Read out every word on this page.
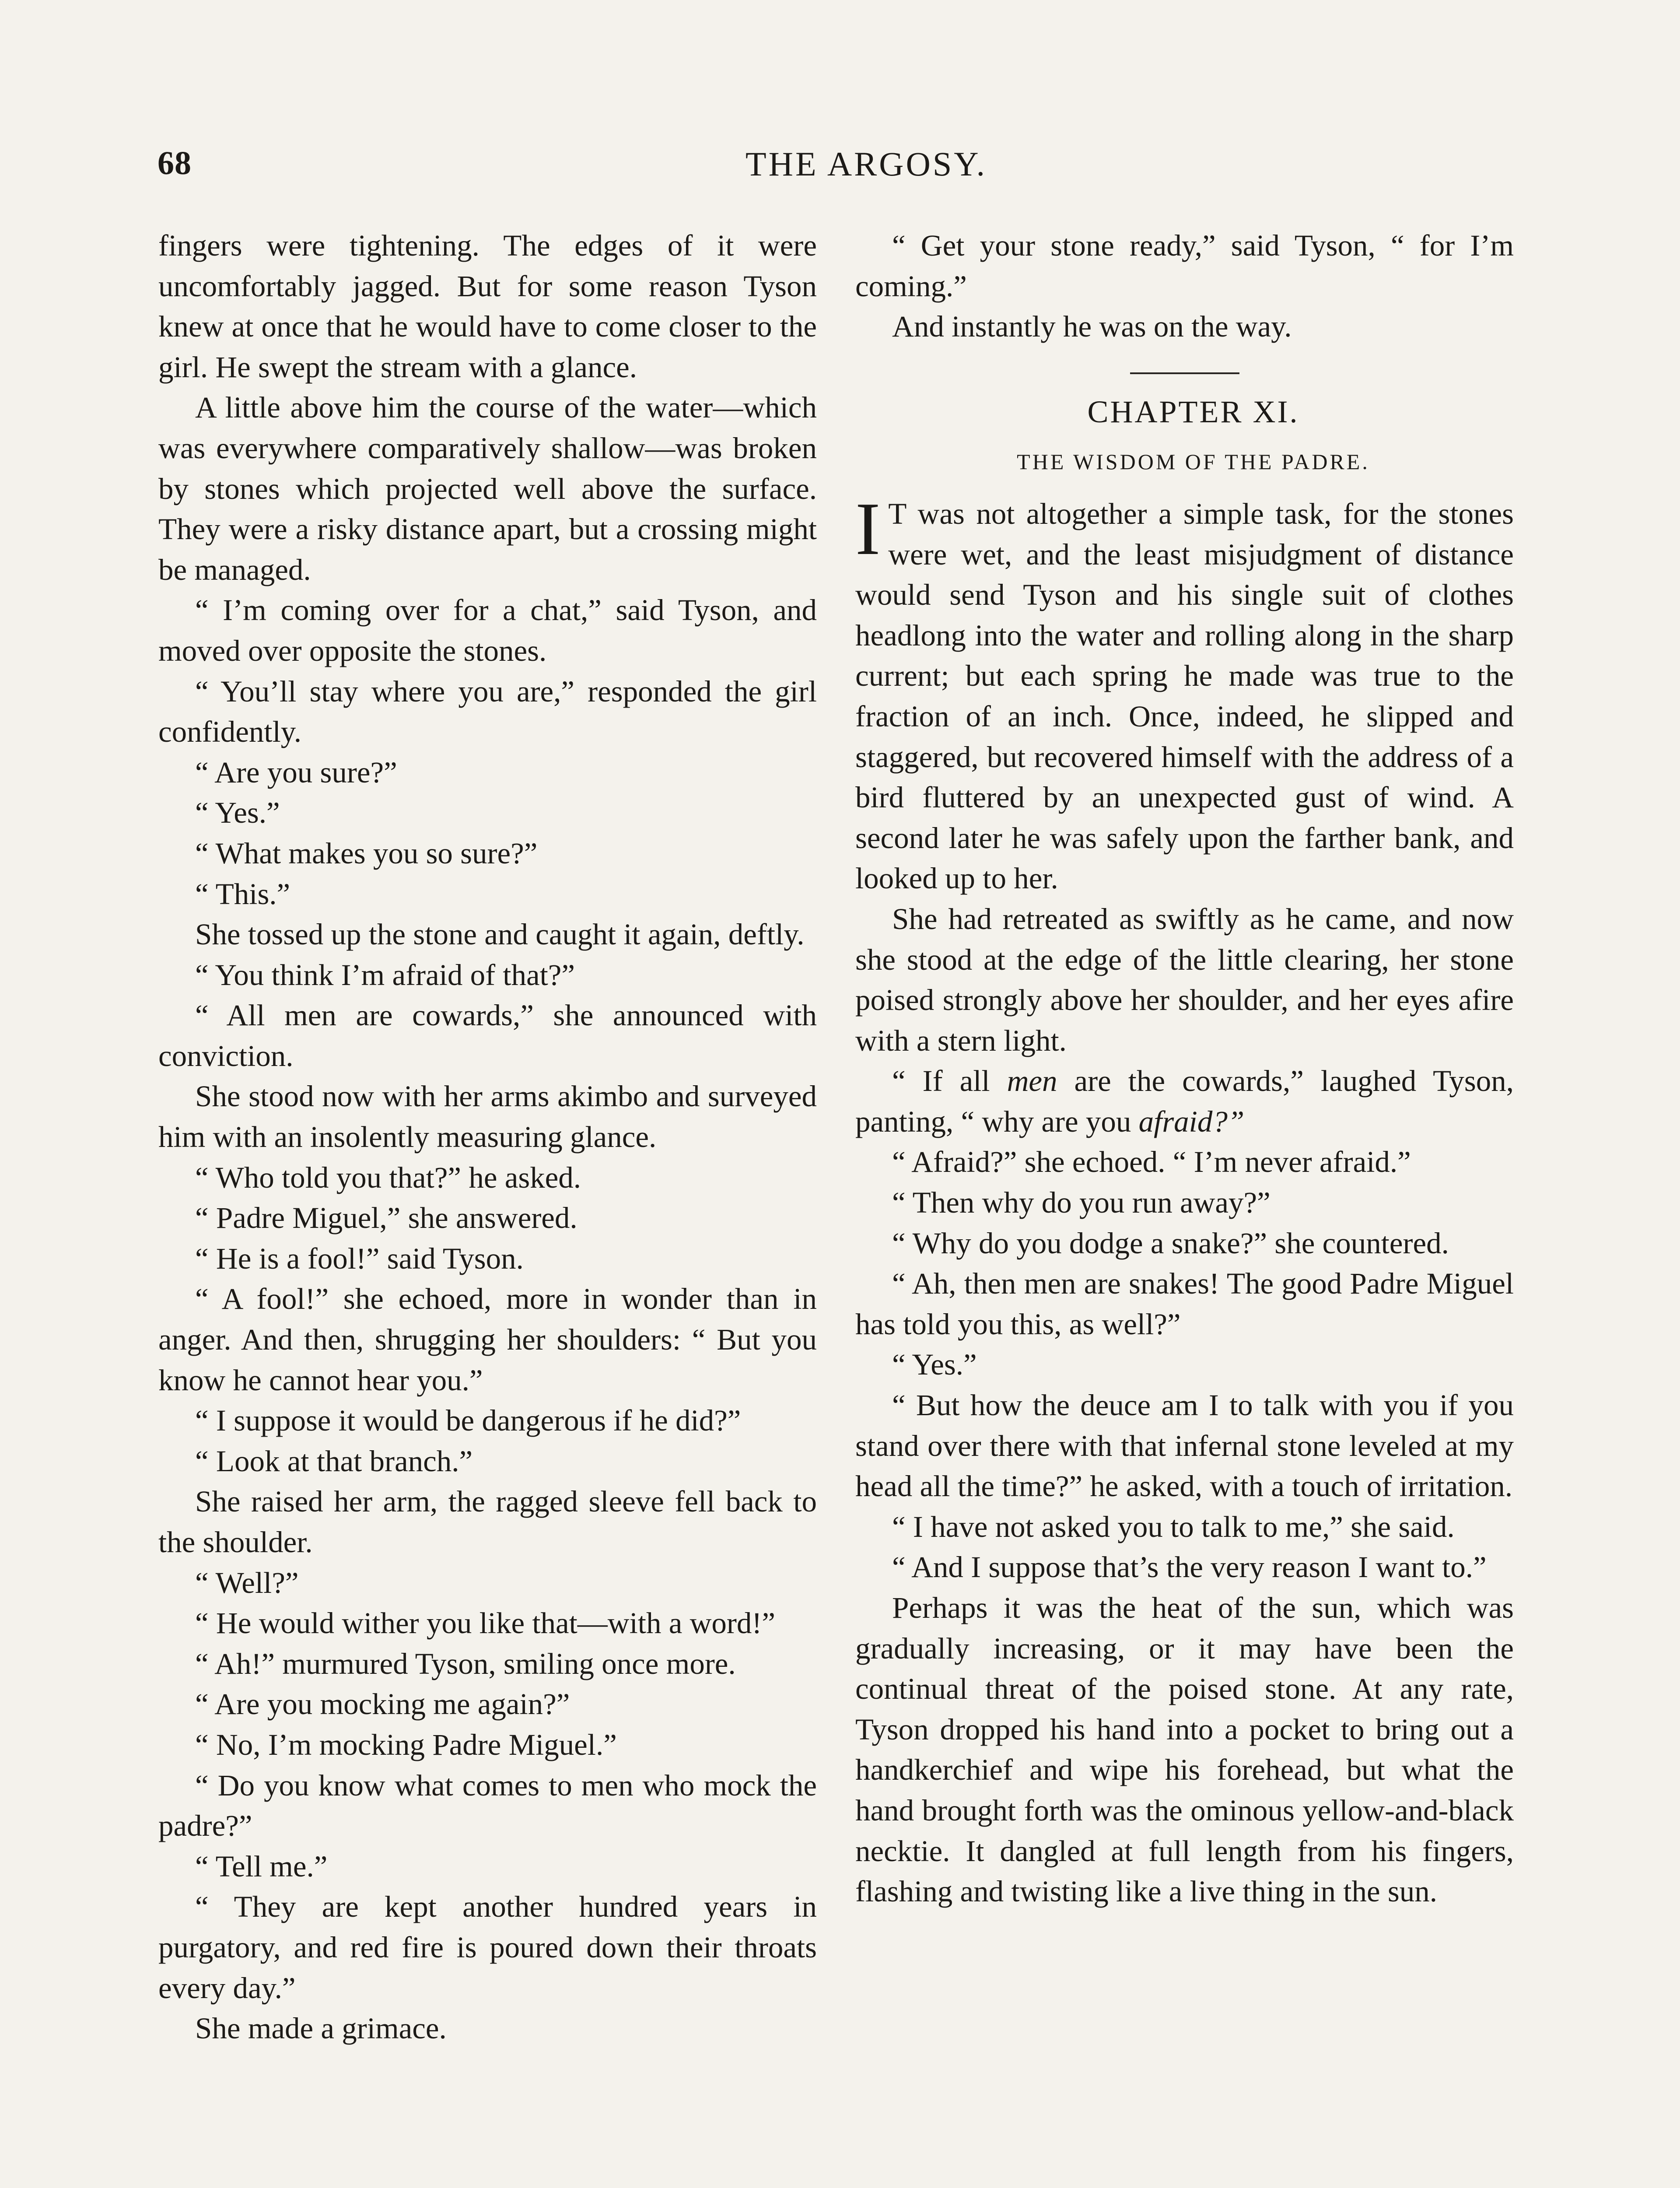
68	THE ARGOSY.

fingers were tightening. The edges of it were uncomfortably jagged. But for some reason Tyson knew at once that he would have to come closer to the girl. He swept the stream with a glance.

A little above him the course of the water—which was everywhere comparatively shallow—was broken by stones which projected well above the surface. They were a risky distance apart, but a crossing might be managed.

“ I’m coming over for a chat,” said Tyson, and moved over opposite the stones.

“ You’ll stay where you are,” responded the girl confidently.

“ Are you sure?”

“ Yes.”

“ What makes you so sure?”

“ This.”

She tossed up the stone and caught it again, deftly.

“ You think I’m afraid of that?”

“ All men are cowards,” she announced with conviction.

She stood now with her arms akimbo and surveyed him with an insolently measuring glance.

“ Who told you that?” he asked.

“ Padre Miguel,” she answered.

“ He is a fool!” said Tyson.

“ A fool!” she echoed, more in wonder than in anger. And then, shrugging her shoulders: “ But you know he cannot hear you.”

“ I suppose it would be dangerous if he did?”

“ Look at that branch.”

She raised her arm, the ragged sleeve fell back to the shoulder.

“ Well?”

“ He would wither you like that—with a word!”

“ Ah!” murmured Tyson, smiling once more.

“ Are you mocking me again?”

“ No, I’m mocking Padre Miguel.”

“ Do you know what comes to men who mock the padre?”

“ Tell me.”

“ They are kept another hundred years in purgatory, and red fire is poured down their throats every day.”

She made a grimace.

“ Get your stone ready,” said Tyson, “ for I’m coming.”

And instantly he was on the way.

CHAPTER XI.
THE WISDOM OF THE PADRE.

I T was not altogether a simple task, for the stones were wet, and the least misjudgment of distance would send Tyson and his single suit of clothes headlong into the water and rolling along in the sharp current; but each spring he made was true to the fraction of an inch. Once, indeed, he slipped and staggered, but recovered himself with the address of a bird fluttered by an unexpected gust of wind. A second later he was safely upon the farther bank, and looked up to her.

She had retreated as swiftly as he came, and now she stood at the edge of the little clearing, her stone poised strongly above her shoulder, and her eyes afire with a stern light.

“ If all men are the cowards,” laughed Tyson, panting, “ why are you afraid?”

“ Afraid?” she echoed. “ I’m never afraid.”

“ Then why do you run away?”

“ Why do you dodge a snake?” she countered.

“ Ah, then men are snakes! The good Padre Miguel has told you this, as well?”

“ Yes.”

“ But how the deuce am I to talk with you if you stand over there with that infernal stone leveled at my head all the time?” he asked, with a touch of irritation.

“ I have not asked you to talk to me,” she said.

“ And I suppose that’s the very reason I want to.”

Perhaps it was the heat of the sun, which was gradually increasing, or it may have been the continual threat of the poised stone. At any rate, Tyson dropped his hand into a pocket to bring out a handkerchief and wipe his forehead, but what the hand brought forth was the ominous yellow-and-black necktie. It dangled at full length from his fingers, flashing and twisting like a live thing in the sun.
